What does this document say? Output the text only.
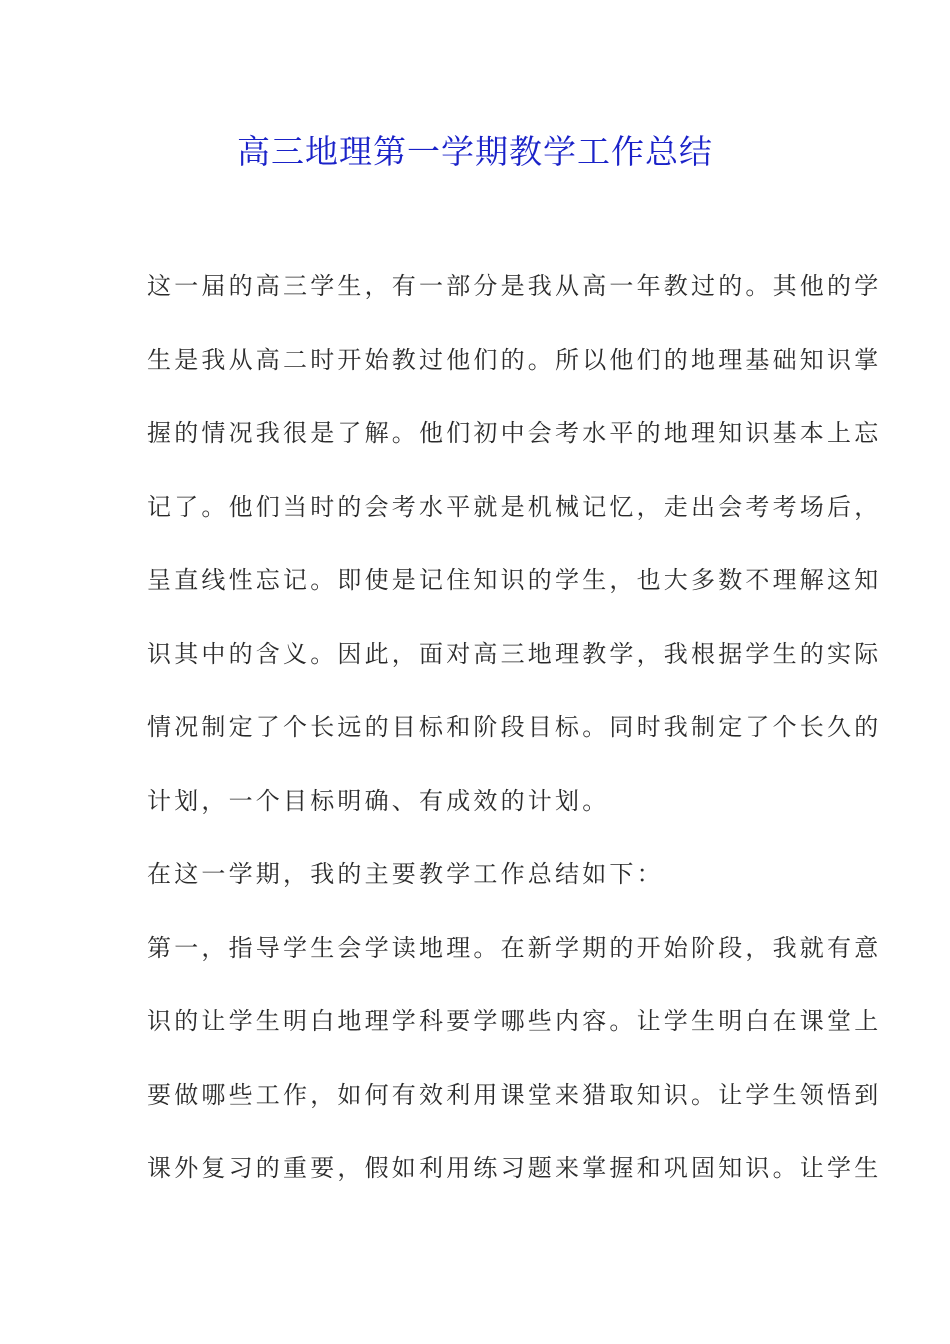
高三地理第一学期教学工作总结
这一届的高三学生，有一部分是我从高一年教过的。其他的学
生是我从高二时开始教过他们的。所以他们的地理基础知识掌
握的情况我很是了解。他们初中会考水平的地理知识基本上忘
记了。他们当时的会考水平就是机械记忆，走出会考考场后，
呈直线性忘记。即使是记住知识的学生，也大多数不理解这知
识其中的含义。因此，面对高三地理教学，我根据学生的实际
情况制定了个长远的目标和阶段目标。同时我制定了个长久的
计划，一个目标明确、有成效的计划。
在这一学期，我的主要教学工作总结如下：
第一，指导学生会学读地理。在新学期的开始阶段，我就有意
识的让学生明白地理学科要学哪些内容。让学生明白在课堂上
要做哪些工作，如何有效利用课堂来猎取知识。让学生领悟到
课外复习的重要，假如利用练习题来掌握和巩固知识。让学生
